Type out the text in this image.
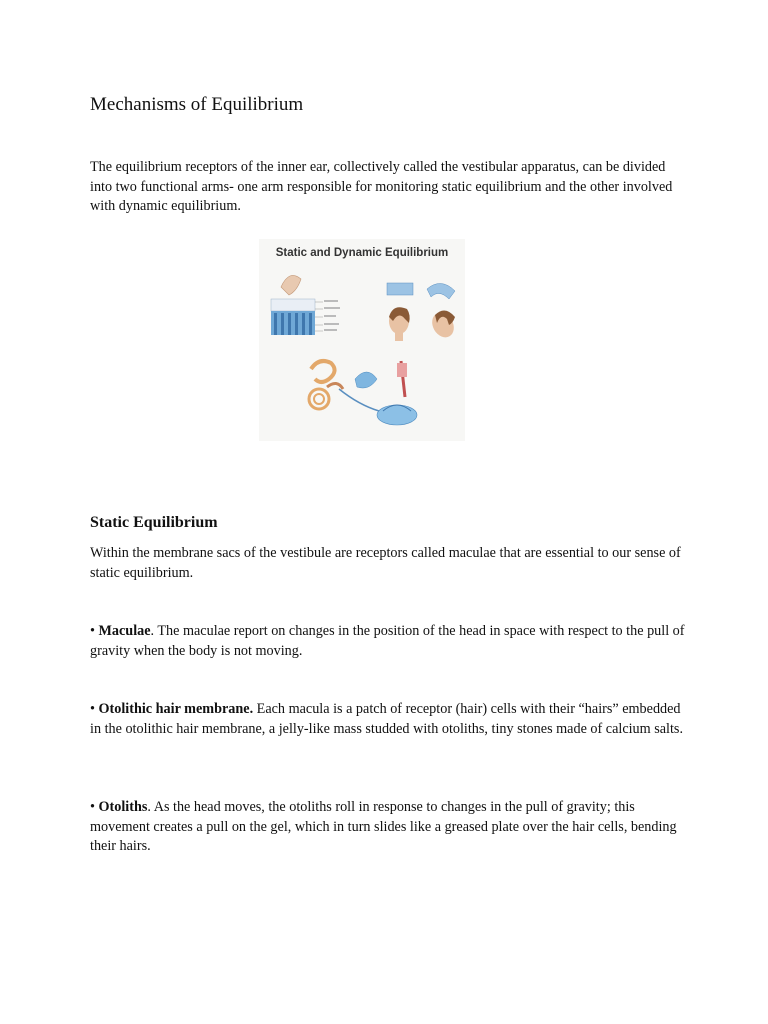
Mechanisms of Equilibrium

The equilibrium receptors of the inner ear, collectively called the vestibular apparatus, can be divided into two functional arms- one arm responsible for monitoring static equilibrium and the other involved with dynamic equilibrium.

Static and Dynamic Equilibrium
Static Equilibrium

Within the membrane sacs of the vestibule are receptors called maculae that are essential to our sense of static equilibrium.

• Maculae. The maculae report on changes in the position of the head in space with respect to the pull of gravity when the body is not moving.

• Otolithic hair membrane. Each macula is a patch of receptor (hair) cells with their “hairs” embedded in the otolithic hair membrane, a jelly-like mass studded with otoliths, tiny stones made of calcium salts.

• Otoliths. As the head moves, the otoliths roll in response to changes in the pull of gravity; this movement creates a pull on the gel, which in turn slides like a greased plate over the hair cells, bending their hairs.
